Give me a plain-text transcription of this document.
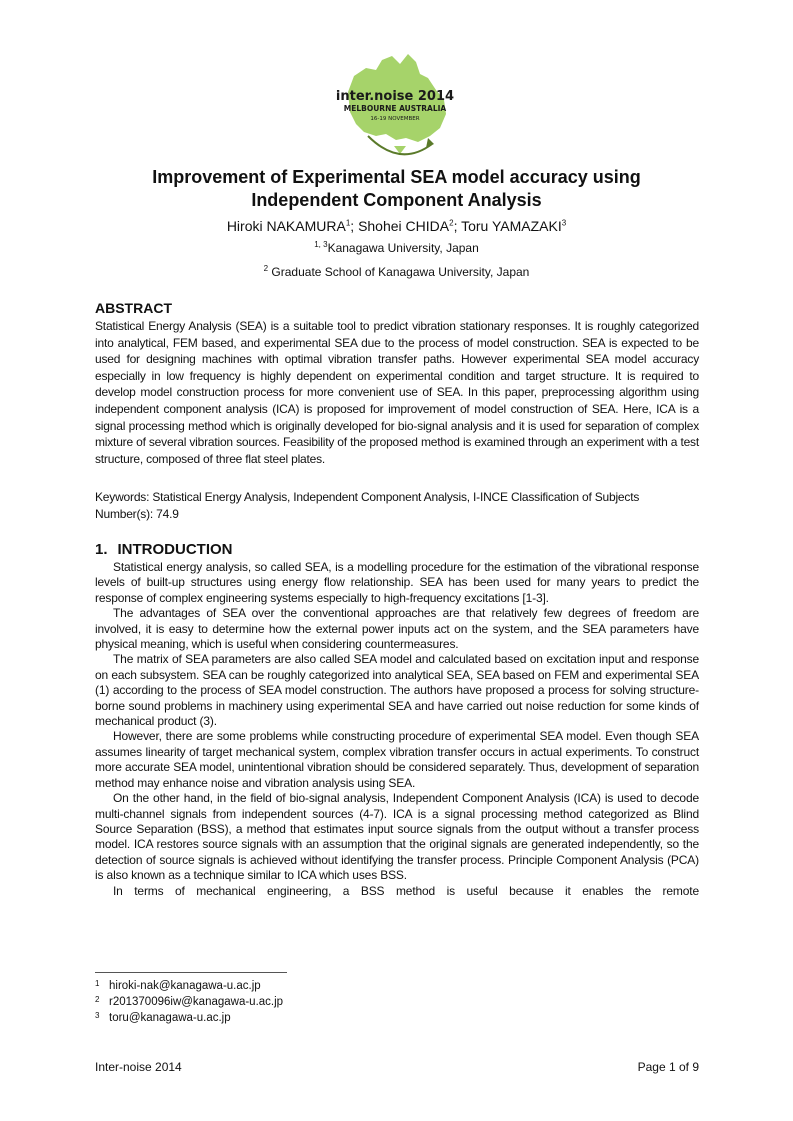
inter.noise 2014
MELBOURNE AUSTRALIA
16-19 NOVEMBER
Improvement of Experimental SEA model accuracy using
Independent Component Analysis
Hiroki NAKAMURA$^1$; Shohei CHIDA$^2$; Toru YAMAZAKI$^3$
$^{1, 3}$Kanagawa University, Japan
$^2$ Graduate School of Kanagawa University, Japan
ABSTRACT

Statistical Energy Analysis (SEA) is a suitable tool to predict vibration stationary responses. It is roughly categorized into analytical, FEM based, and experimental SEA due to the process of model construction. SEA is expected to be used for designing machines with optimal vibration transfer paths. However experimental SEA model accuracy especially in low frequency is highly dependent on experimental condition and target structure. It is required to develop model construction process for more convenient use of SEA. In this paper, preprocessing algorithm using independent component analysis (ICA) is proposed for improvement of model construction of SEA. Here, ICA is a signal processing method which is originally developed for bio-signal analysis and it is used for separation of complex mixture of several vibration sources. Feasibility of the proposed method is examined through an experiment with a test structure, composed of three flat steel plates.

Keywords: Statistical Energy Analysis, Independent Component Analysis, I-INCE Classification of Subjects Number(s): 74.9

1. INTRODUCTION

Statistical energy analysis, so called SEA, is a modelling procedure for the estimation of the vibrational response levels of built-up structures using energy flow relationship. SEA has been used for many years to predict the response of complex engineering systems especially to high-frequency excitations [1-3].

The advantages of SEA over the conventional approaches are that relatively few degrees of freedom are involved, it is easy to determine how the external power inputs act on the system, and the SEA parameters have physical meaning, which is useful when considering countermeasures.

The matrix of SEA parameters are also called SEA model and calculated based on excitation input and response on each subsystem. SEA can be roughly categorized into analytical SEA, SEA based on FEM and experimental SEA (1) according to the process of SEA model construction. The authors have proposed a process for solving structure-borne sound problems in machinery using experimental SEA and have carried out noise reduction for some kinds of mechanical product (3).

However, there are some problems while constructing procedure of experimental SEA model. Even though SEA assumes linearity of target mechanical system, complex vibration transfer occurs in actual experiments. To construct more accurate SEA model, unintentional vibration should be considered separately. Thus, development of separation method may enhance noise and vibration analysis using SEA.

On the other hand, in the field of bio-signal analysis, Independent Component Analysis (ICA) is used to decode multi-channel signals from independent sources (4-7). ICA is a signal processing method categorized as Blind Source Separation (BSS), a method that estimates input source signals from the output without a transfer process model. ICA restores source signals with an assumption that the original signals are generated independently, so the detection of source signals is achieved without identifying the transfer process. Principle Component Analysis (PCA) is also known as a technique similar to ICA which uses BSS.

In terms of mechanical engineering, a BSS method is useful because it enables the remote

1 hiroki-nak@kanagawa-u.ac.jp
2 r201370096iw@kanagawa-u.ac.jp
3 toru@kanagawa-u.ac.jp
Inter-noise 2014	Page 1 of 9
